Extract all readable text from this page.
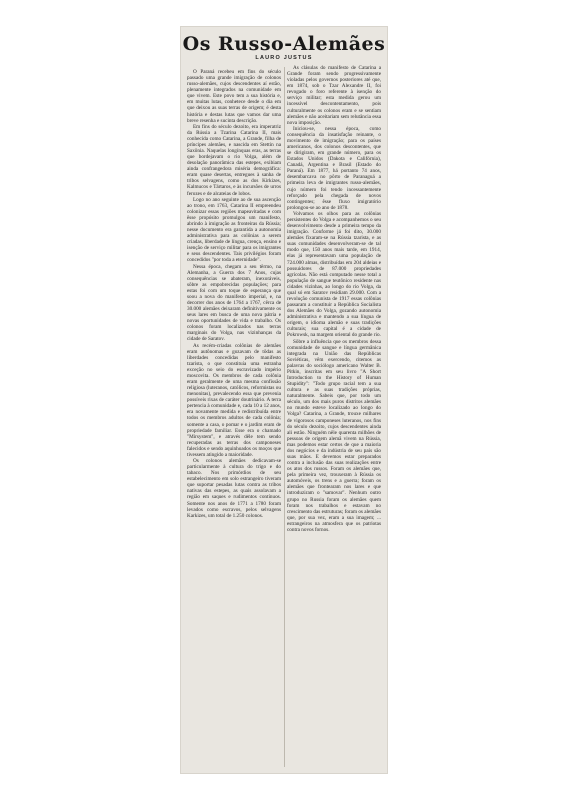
Os Russo-Alemães
LAURO JUSTUS

O Paraná recebeu em fins do século passado uma grande imigração de colonos russo-alemães, cujos descendentes aí estão, plenamente integrados na comunidade em que vivem. Este povo tem a sua história e, em muitas lutas, conhetece desde o dia em que deixou as suas terras de origem; é desta história e destas lutas que vamos dar uma breve resenha e sucinta descrição.

Em fins do século dezoito, era imperatriz da Rússia a Tzarina Catarina II, mais conhecida como Catarina, a Grande, filha de príncipes alemães, e nascida em Stettin na Saxônia. Naquelas longínquas eras, as terras que bordejavam o rio Volga, além de desolação panorâmica das estepes, exibiam ainda confrangedora miséria demográfica: eram quase desertas, entregues à sanha de tribos selvagens, como as dos Kirkizes, Kalmucos e Tártaros, e às incursões de urros ferozes e de alcateias de lobos.

Logo no ano seguinte ao de sua ascenção ao trono, em 1763, Catarina II empreendeu colonizar essas regiões mapeavitadas e com êsse propósito promulgou um manifesto, abrindo à imigração as fronteiras da Rússia; nesse documento era garantida a autonomia administrativa para as colônias a serem criadas, liberdade de língua, crença, ensino e isenção de serviço militar para os imigrantes e seus descendentes. Tais privilégios foram concedidos "por toda a eternidade".

Nessa época, chegam a seu têrmo, na Alemanha, a Guerra dos 7 Anos, cujas consequências se abateram, inexoráveis, sôbre as empobrecidas populações; para estas foi com um toque de esperança que soou a nova do manifesto imperial, e, na decorrer dos anos de 1764 a 1767, cêrca de 30.000 alemães deixaram definitivamente os seus lares em busca de uma nova pátria e novas oportunidades de vida e trabalho. Os colonos foram localizados nas terras marginais do Volga, nas vizinhanças da cidade de Saratov.

As recém-criadas colônias de alemães eram autônomas e gozavam de tôdas as liberdades concedidas pelo manifesto tzarista, o que constituía uma estranha exceção no seio do escravizado império moscovita. Os membros de cada colônia eram geralmente de uma mesma confissão religiosa (luteranos, católicos, reformistas ou menonitas), prevalecendo essa que prevenia possíveis rixas de caráter doutrinário. A terra pertencia à comunidade e, cada 10 a 12 anos, era novamente medida e redistribuída entre todos os membros adultos de cada colônia; somente a casa, o pomar e o jardim eram de propriedade familiar. Esse era o chamado "Mirsystem", e através dêle tem sendo recuperadas as terras dos camponeses falecidos e sendo aquinhoados os moços que tivessem atingido a maioridade.

Os colonos alemães dedicavam-se particularmente à cultura do trigo e do tabaco. Nos primórdios de seu estabelecimento em solo estrangeiro tiveram que suportar pesadas lutas contra as tribos nativas das estepes, as quais assolavam a região em saques e rudimentos contínuos. Somente nos anos de 1771 a 1780 foram levados como escravos, pelos selvagens Karkizes, um total de 1.250 colonos.

As clásulas do manifesto de Catarina a Grande foram sendo progressivamente violadas pelos governos posteriores até que, em 1874, sob o Tzar Alexandre II, foi revogado o foro referente à isenção do serviço militar; esta medida gerou um incessível descontentamento, pois culturalmente os colonos eram e se sentiam alemães e não aceitariam sem relutância essa nova imposição.

Iniciou-se, nessa época, como consequência da insatisfação reinante, o movimento de imigração; para os países americanos, dos colonos descontentes, que se dirigiram, em grande número, para os Estados Unidos (Dakota e Califórnia), Canadá, Argentina e Brasil (Estado do Paraná). Em 1877, há portanto 74 anos, desembarcava no pôrto de Paranaguá a primeira leva de imigrantes russo-alemães, cujo número foi tendo incessantemente reforçado pela chegada de novos contingentes; êsse fluxo imigratório prolongou-se ao ano de 1878.

Volvamos os olhos para as colônias persistentes do Volga e acompanhemos o seu desenvolvimento desde a primeira tempo da imigração. Conforme já foi dito, 30.000 alemães fixaram-se na Rússia tzarista, e as suas comunidades desenvolveram-se de tal modo que, 150 anos mais tarde, em 1914, elas já representavam uma população de 724.000 almas, distribuídas em 204 aldeias e possuidores de 87.000 propriedades agrícolas. Não está computado nesse total a população de sangue teutônico residente nas cidades vizinhas, ao longo do rio Volga, da qual só em Saratov residiam 29.000. Com a revolução comunista de 1917 essas colônias passaram a constituir a República Socialista dos Alemães do Volga, gozando autonomia administrativa e mantendo a sua língua de origem, o idioma alemão e suas tradições culturais; sua capital é a cidade de Pokrowsk, na margem oriental do grande rio.

Sôbre a influência que os membros dessa comunidade de sangue e língua germânica integrada na União das Repúblicas Soviéticas, vêm exercendo, citemos as palavras do sociólogo americano Walter B. Pitkin, inscritas em seu livro "A Short Introduction to the History of Human Stupidity": "Todo grupo racial tem a sua cultura e as suas tradições próprias, naturalmente. Sabeis que, por todo um século, um dos mais puros distritos alemães no mundo esteve localizado ao longo do Volga? Catarina, a Grande, trouxe milhares de vigorosos camponeses luteranos, nos fins do século dezoito, cujos descendentes ainda ali estão. Ninguém nêle quarenta milhões de pessoas de origem alemã vivem na Rússia, mas podemos estar certos de que a maioria dos negócios e da indústria de seu país são suas mãos. E devemos estar preparados contra a inclusão das suas realizações entre os atos dos russos. Foram os alemães que, pela primeira vez, trouxeram à Rússia os automóveis, os trens e a guerra; foram os alemães que frontearam nos lares e que introduziram o "samovar". Nenhum outro grupo no Russia foram os alemães quem foram nos trabalhos e estavam no crescimento das estruturas; foram os alemães que, por sua vez, eram a sua imagem; ... estrangeiros na atmosfera que os patriotas contra novos fornos.
